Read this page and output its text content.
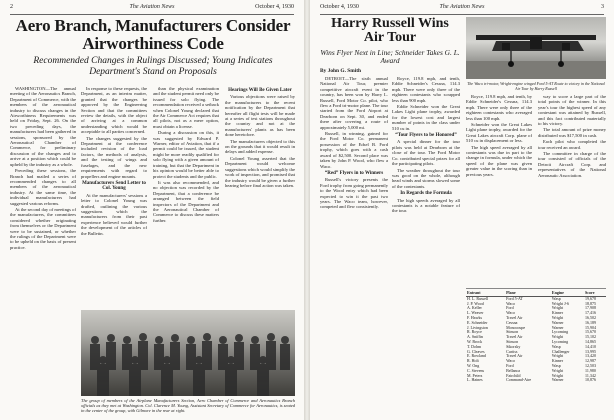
2	The Aviation News	October 4, 1930
Aero Branch, Manufacturers Consider Airworthiness Code
Recommended Changes in Rulings Discussed; Young Indicates Department's Stand on Proposals

WASHINGTON—The annual meeting of the Aeronautics Branch, Department of Commerce, with the members of the aeronautical industry to discuss changes in the Airworthiness Requirements was held on Friday, Sept. 26. On the two preceding days, the manufacturers had been gathered in sessions, sponsored by the Aeronautical Chamber of Commerce, for preliminary discussion of the changes and to arrive at a position which could be upheld by the industry as a whole.

Preceding these sessions, the Branch had mailed a series of recommended changes to all members of the aeronautical industry. At the same time, the individual manufacturers had suggested various reforms.

At the second day of meetings of the manufacturers, the committees considered whether originating from themselves or the Department were to be sustained, or whether the rulings of the Department were to be upheld on the basis of present practice.

In response to these requests, the Department, as an interim matter, granted that the changes be approved by the Engineering Section and that the committees review the details, with the object of arriving at a common understanding which would be acceptable to all parties concerned.

The changes suggested by the Department at the conference included revision of the load factors, the methods of analysis, and the testing of wings and fuselages, and the new requirements with regard to propellers and engine mounts.

Manufacturers Send Letter to Col. Young

At the manufacturers' sessions a letter to Colonel Young was drafted, outlining the various suggestions which the manufacturers from their past experience believed would further the development of the articles of the Bulletin.

than the physical examination and the student permit need only be issued for solo flying. The recommendation received a setback when Colonel Young declared that the Air Commerce Act requires that all pilots, not as a mere option, must obtain a license.

During a discussion on this, it was suggested by Edward P. Warner, editor of Aviation, that if a permit could be issued, the student might be more readily qualified for solo flying with a given amount of training, but that the Department in his opinion would be better able to protect the students and the public.

It was also recommended, and no objection was recorded by the Department, that a conference be arranged between the field inspectors of the Department and the Aeronautical Chamber of Commerce to discuss these matters further.

Hearings Will Be Given Later

Various objections were raised by the manufacturers to the recent notification by the Department that hereafter all flight tests will be made at a series of test stations throughout the country and not at the manufacturers' plants as has been done heretofore.

The manufacturers objected to this on the grounds that it would result in delays and added expense.

Colonel Young asserted that the Department would welcome suggestions which would simplify the work of inspection, and promised that the industry would be given a further hearing before final action was taken.

The group of members of the Airplane Manufacturers Section, Aero Chamber of Commerce and Aeronautics Branch officials as they met at Washington. Col. Clarence M. Young, Assistant Secretary of Commerce for Aeronautics, is seated in the center of the group, with Gilmore in the rear at right.
October 4, 1930	The Aviation News	3
Harry Russell Wins Air Tour
Wins Flyer Next in Line; Schneider Takes G. L. Award
By John G. Smith

DETROIT—The sixth annual National Air Tour, premier competitive aircraft event in the country, has been won by Harry L. Russell, Ford Motor Co. pilot, who flew a Ford tri-motor plane. The tour started from the Ford Airport at Dearborn on Sept. 30, and ended there after covering a route of approximately 5,000 mi.

Russell, in winning, gained for the Ford Motor Co. permanent possession of the Edsel B. Ford trophy, which goes with a cash award of $2,500. Second place was taken by John P. Wood, who flew a Waco.

“Red” Flyers in to Winners

Russell's victory presents the Ford trophy from going permanently to the Wood entry which had been expected to win it the past two years. The Waco team, however, competed and flew consistently.

Royce, 119.8 mph, and tenth, Eddie Schneider's Cessna, 114.3 mph. There were only three of the eighteen contestants who scrapped less than 900 mph.

Eddie Schneider won the Great Lakes Light plane trophy, awarded for the lowest cost and largest number of points in the class under 510 cu in.

“Tour Flyers to be Honored”

A special dinner for the tour pilots was held at Dearborn at the close of the tour. The Ford Motor Co. contributed special prizes for all the participating pilots.

The weather throughout the tour was good on the whole, although head winds and storms slowed some of the contestants.

In Regards the Formula

The high speeds averaged by all contestants is a notable feature of the tour.

The Waco tri-motor, Wright-engine winged Ford 5-AT Route to victory in the National Air Tour by Harry Russell

Royce, 119.8 mph, and tenth, by Eddie Schneider's Cessna, 114.3 mph. There were only three of the eighteen contestants who averaged less than 100 mph.

Schneider won the Great Lakes Light plane trophy, awarded for the Great Lakes aircraft Corp. plane of 510 cu in displacement or less.

The high speed averaged by all contestants was due in part to the change in formula, under which the speed of the plane was given greater value in the scoring than in previous years.

way to score a large part of the total points of the winner. In this year's tour the highest speed of any contestant was attained by Russell, and this fact contributed materially to his victory.

The total amount of prize money distributed was $17,500 in cash.

Each pilot who completed the tour received an award.

The committee in charge of the tour consisted of officials of the Detroit Aircraft Corp. and representatives of the National Aeronautic Association.

Entrant	Plane	Engine	Score
H. L. Russell	Ford 5-AT	Wasp	19,678
J. P. Wood	Waco	Wright J-6	18,875
A. Keller	Ford	Wright	17,908
L. Weaver	Waco	Kinner	17,416
F. Hawks	Travel Air	Wright	16,502
E. Schneider	Cessna	Warner	16,189
J. Livingston	Monocoupe	Warner	15,904
R. Royce	Stinson	Lycoming	15,670
A. Sniffin	Travel Air	Wright	15,102
W. Brock	Stinson	Lycoming	14,865
T. Dohm	Sikorsky	Wasp	14,410
G. Cleaves	Curtiss	Challenger	13,995
E. Rowland	Travel Air	Wright	13,420
R. Holt	Waco	Kinner	12,987
W. Ong	Ford	Wasp	12,503
C. Stevens	Bellanca	Wright	11,980
M. Peters	Fairchild	Wright	11,342
L. Haines	Command-Aire	Warner	10,876
